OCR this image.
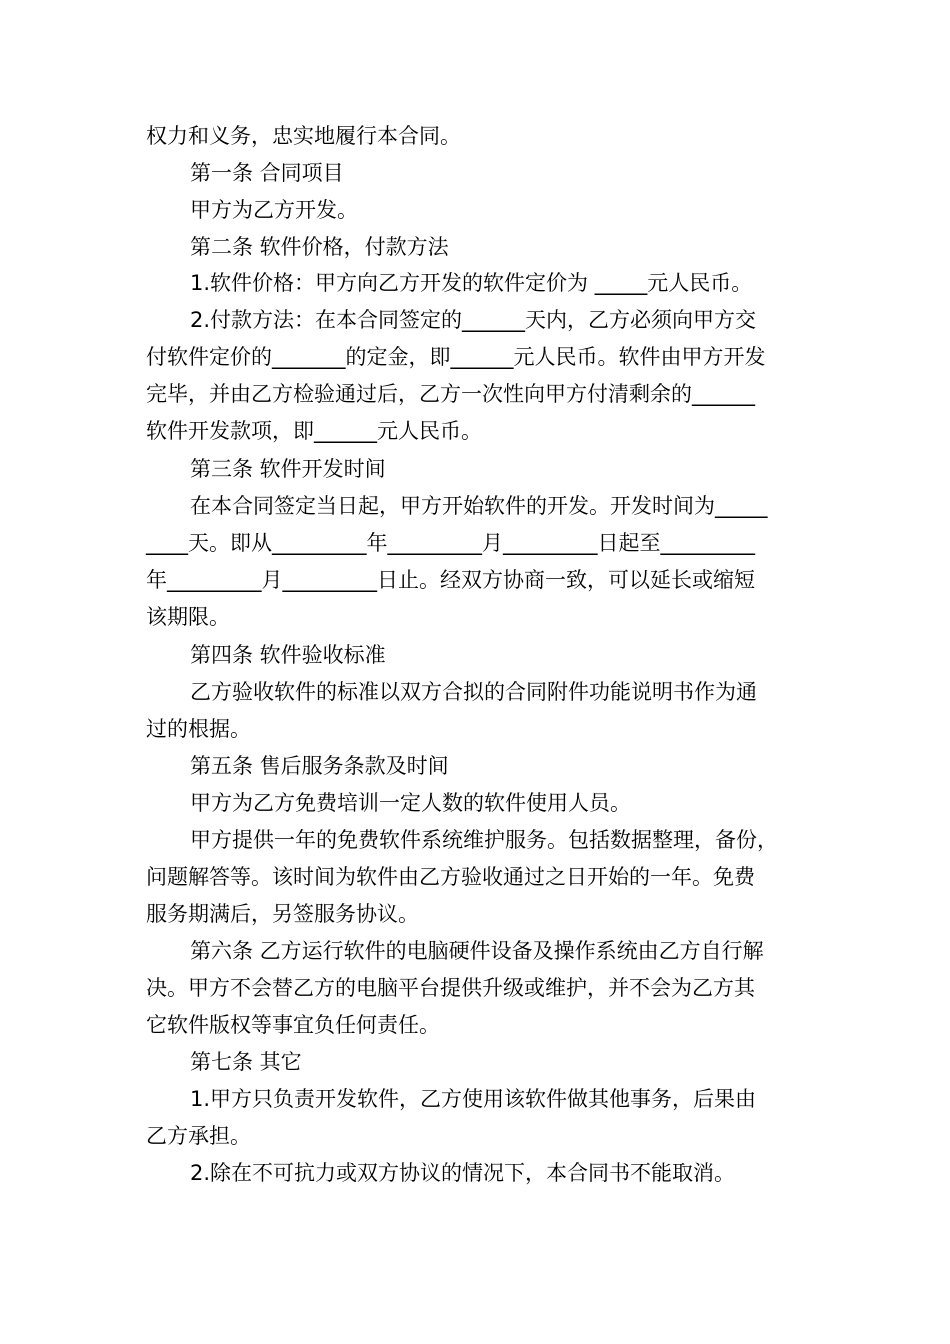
权力和义务，忠实地履行本合同。
第一条 合同项目
甲方为乙方开发。
第二条 软件价格，付款方法
1.软件价格：甲方向乙方开发的软件定价为 _____元人民币。
2.付款方法：在本合同签定的______天内，乙方必须向甲方交
付软件定价的_______的定金，即______元人民币。软件由甲方开发
完毕，并由乙方检验通过后，乙方一次性向甲方付清剩余的______
软件开发款项，即______元人民币。
第三条 软件开发时间
在本合同签定当日起，甲方开始软件的开发。开发时间为_____
____天。即从_________年_________月_________日起至_________
年_________月_________日止。经双方协商一致，可以延长或缩短
该期限。
第四条 软件验收标准
乙方验收软件的标准以双方合拟的合同附件功能说明书作为通
过的根据。
第五条 售后服务条款及时间
甲方为乙方免费培训一定人数的软件使用人员。
甲方提供一年的免费软件系统维护服务。包括数据整理，备份，
问题解答等。该时间为软件由乙方验收通过之日开始的一年。免费
服务期满后，另签服务协议。
第六条 乙方运行软件的电脑硬件设备及操作系统由乙方自行解
决。甲方不会替乙方的电脑平台提供升级或维护，并不会为乙方其
它软件版权等事宜负任何责任。
第七条 其它
1.甲方只负责开发软件，乙方使用该软件做其他事务，后果由
乙方承担。
2.除在不可抗力或双方协议的情况下，本合同书不能取消。
